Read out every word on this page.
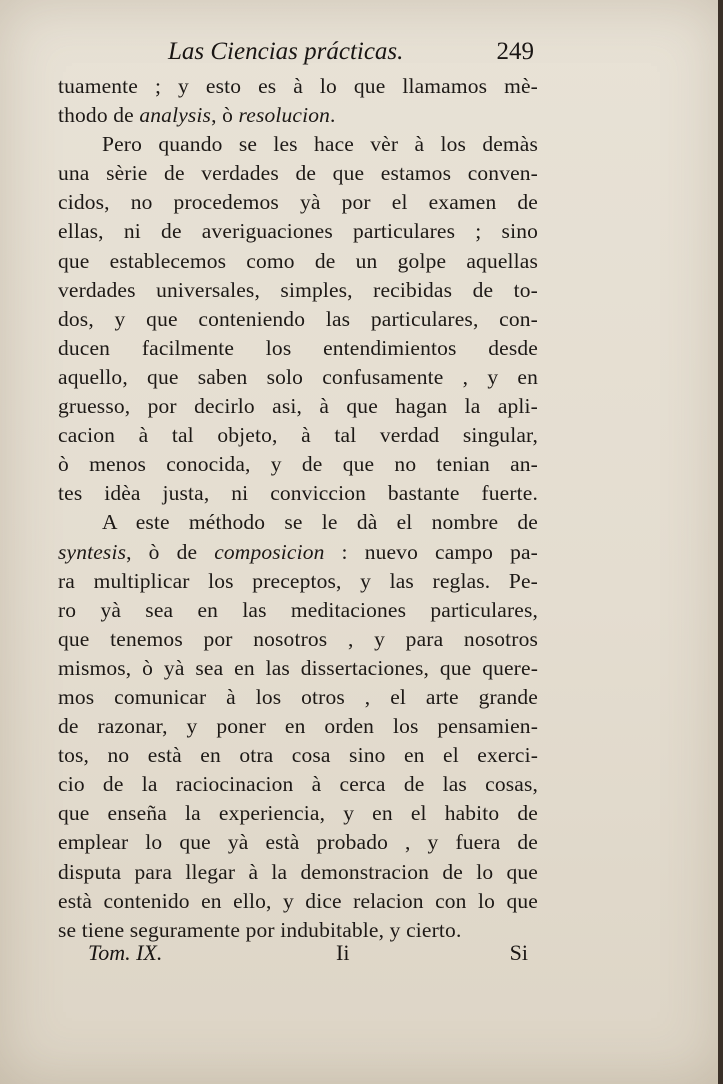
Las Ciencias prácticas.	249
tuamente ; y esto es à lo que llamamos mè-
thodo de analysis, ò resolucion.
Pero quando se les hace vèr à los demàs
una sèrie de verdades de que estamos conven-
cidos, no procedemos yà por el examen de
ellas, ni de averiguaciones particulares ; sino
que establecemos como de un golpe aquellas
verdades universales, simples, recibidas de to-
dos, y que conteniendo las particulares, con-
ducen facilmente los entendimientos desde
aquello, que saben solo confusamente , y en
gruesso, por decirlo asi, à que hagan la apli-
cacion à tal objeto, à tal verdad singular,
ò menos conocida, y de que no tenian an-
tes idèa justa, ni conviccion bastante fuerte.
A este méthodo se le dà el nombre de
syntesis, ò de composicion : nuevo campo pa-
ra multiplicar los preceptos, y las reglas. Pe-
ro yà sea en las meditaciones particulares,
que tenemos por nosotros , y para nosotros
mismos, ò yà sea en las dissertaciones, que quere-
mos comunicar à los otros , el arte grande
de razonar, y poner en orden los pensamien-
tos, no està en otra cosa sino en el exerci-
cio de la raciocinacion à cerca de las cosas,
que enseña la experiencia, y en el habito de
emplear lo que yà està probado , y fuera de
disputa para llegar à la demonstracion de lo que
està contenido en ello, y dice relacion con lo que
se tiene seguramente por indubitable, y cierto.
Tom. IX.	Ii	Si
